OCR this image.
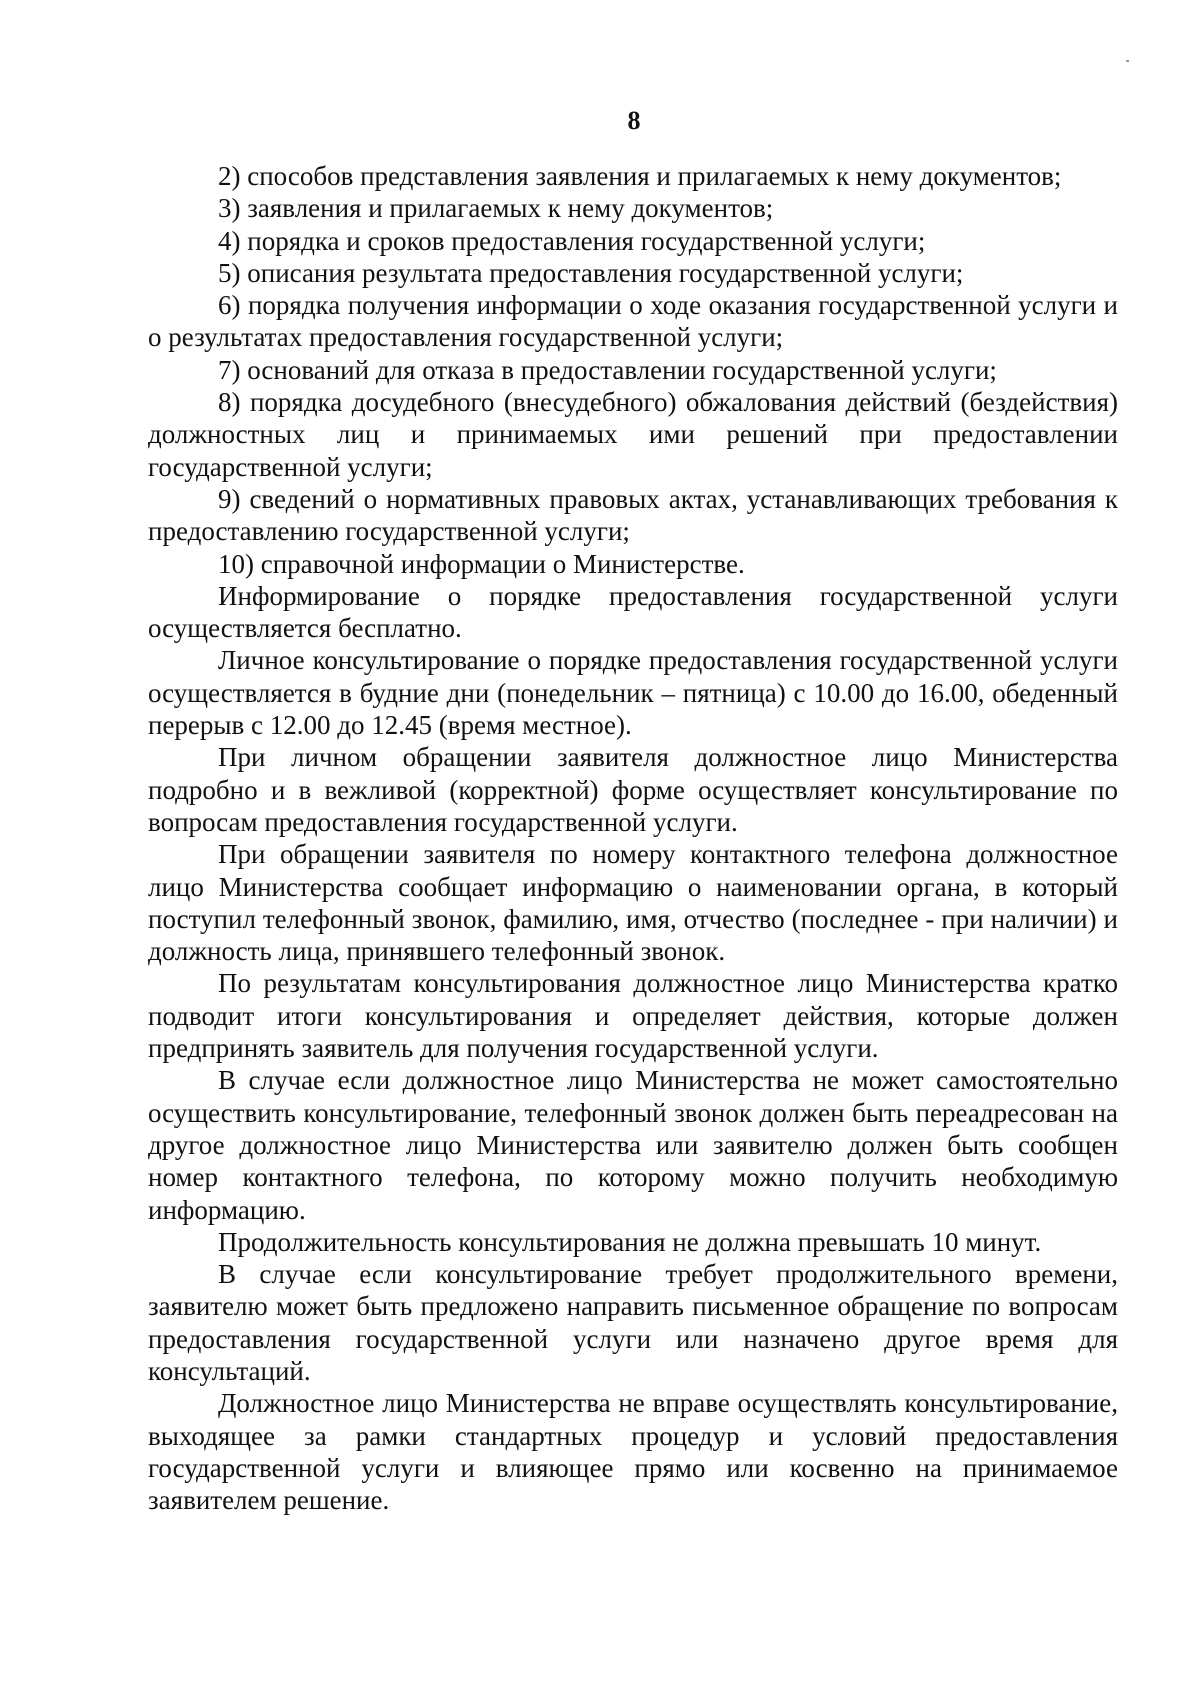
8

2) способов представления заявления и прилагаемых к нему документов;

3) заявления и прилагаемых к нему документов;

4) порядка и сроков предоставления государственной услуги;

5) описания результата предоставления государственной услуги;

6) порядка получения информации о ходе оказания государственной услуги и о результатах предоставления государственной услуги;

7) оснований для отказа в предоставлении государственной услуги;

8) порядка досудебного (внесудебного) обжалования действий (бездействия) должностных лиц и принимаемых ими решений при предоставлении государственной услуги;

9) сведений о нормативных правовых актах, устанавливающих требования к предоставлению государственной услуги;

10) справочной информации о Министерстве.

Информирование о порядке предоставления государственной услуги осуществляется бесплатно.

Личное консультирование о порядке предоставления государственной услуги осуществляется в будние дни (понедельник – пятница) с 10.00 до 16.00, обеденный перерыв с 12.00 до 12.45 (время местное).

При личном обращении заявителя должностное лицо Министерства подробно и в вежливой (корректной) форме осуществляет консультирование по вопросам предоставления государственной услуги.

При обращении заявителя по номеру контактного телефона должностное лицо Министерства сообщает информацию о наименовании органа, в который поступил телефонный звонок, фамилию, имя, отчество (последнее - при наличии) и должность лица, принявшего телефонный звонок.

По результатам консультирования должностное лицо Министерства кратко подводит итоги консультирования и определяет действия, которые должен предпринять заявитель для получения государственной услуги.

В случае если должностное лицо Министерства не может самостоятельно осуществить консультирование, телефонный звонок должен быть переадресован на другое должностное лицо Министерства или заявителю должен быть сообщен номер контактного телефона, по которому можно получить необходимую информацию.

Продолжительность консультирования не должна превышать 10 минут.

В случае если консультирование требует продолжительного времени, заявителю может быть предложено направить письменное обращение по вопросам предоставления государственной услуги или назначено другое время для консультаций.

Должностное лицо Министерства не вправе осуществлять консультирование, выходящее за рамки стандартных процедур и условий предоставления государственной услуги и влияющее прямо или косвенно на принимаемое заявителем решение.
